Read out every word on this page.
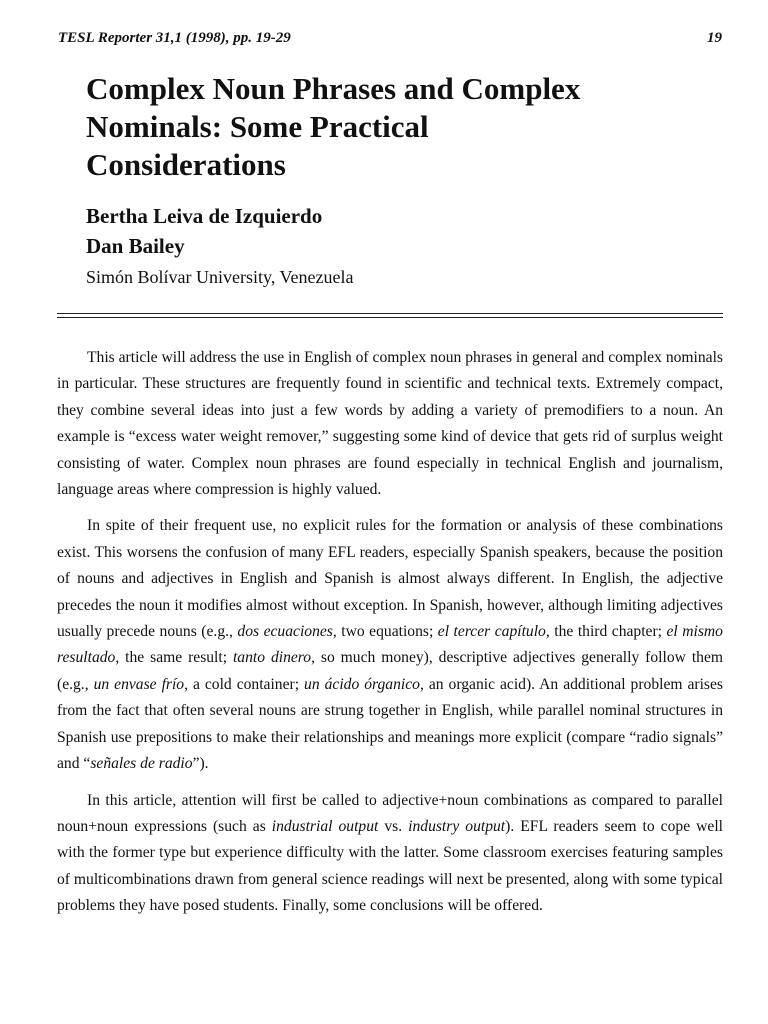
TESL Reporter 31,1 (1998), pp. 19-29	19
Complex Noun Phrases and Complex
Nominals: Some Practical
Considerations

Bertha Leiva de Izquierdo

Dan Bailey

Simón Bolívar University, Venezuela

This article will address the use in English of complex noun phrases in general and complex nominals in particular. These structures are frequently found in scientific and technical texts. Extremely compact, they combine several ideas into just a few words by adding a variety of premodifiers to a noun. An example is “excess water weight remover,” suggesting some kind of device that gets rid of surplus weight consisting of water. Complex noun phrases are found especially in technical English and journalism, language areas where compression is highly valued.

In spite of their frequent use, no explicit rules for the formation or analysis of these combinations exist. This worsens the confusion of many EFL readers, especially Spanish speakers, because the position of nouns and adjectives in English and Spanish is almost always different. In English, the adjective precedes the noun it modifies almost without exception. In Spanish, however, although limiting adjectives usually precede nouns (e.g., dos ecuaciones, two equations; el tercer capítulo, the third chapter; el mismo resultado, the same result; tanto dinero, so much money), descriptive adjectives generally follow them (e.g., un envase frío, a cold container; un ácido órganico, an organic acid). An additional problem arises from the fact that often several nouns are strung together in English, while parallel nominal structures in Spanish use prepositions to make their relationships and meanings more explicit (compare “radio signals” and “señales de radio”).

In this article, attention will first be called to adjective+noun combinations as compared to parallel noun+noun expressions (such as industrial output vs. industry output). EFL readers seem to cope well with the former type but experience difficulty with the latter. Some classroom exercises featuring samples of multicombinations drawn from general science readings will next be presented, along with some typical problems they have posed students. Finally, some conclusions will be offered.
